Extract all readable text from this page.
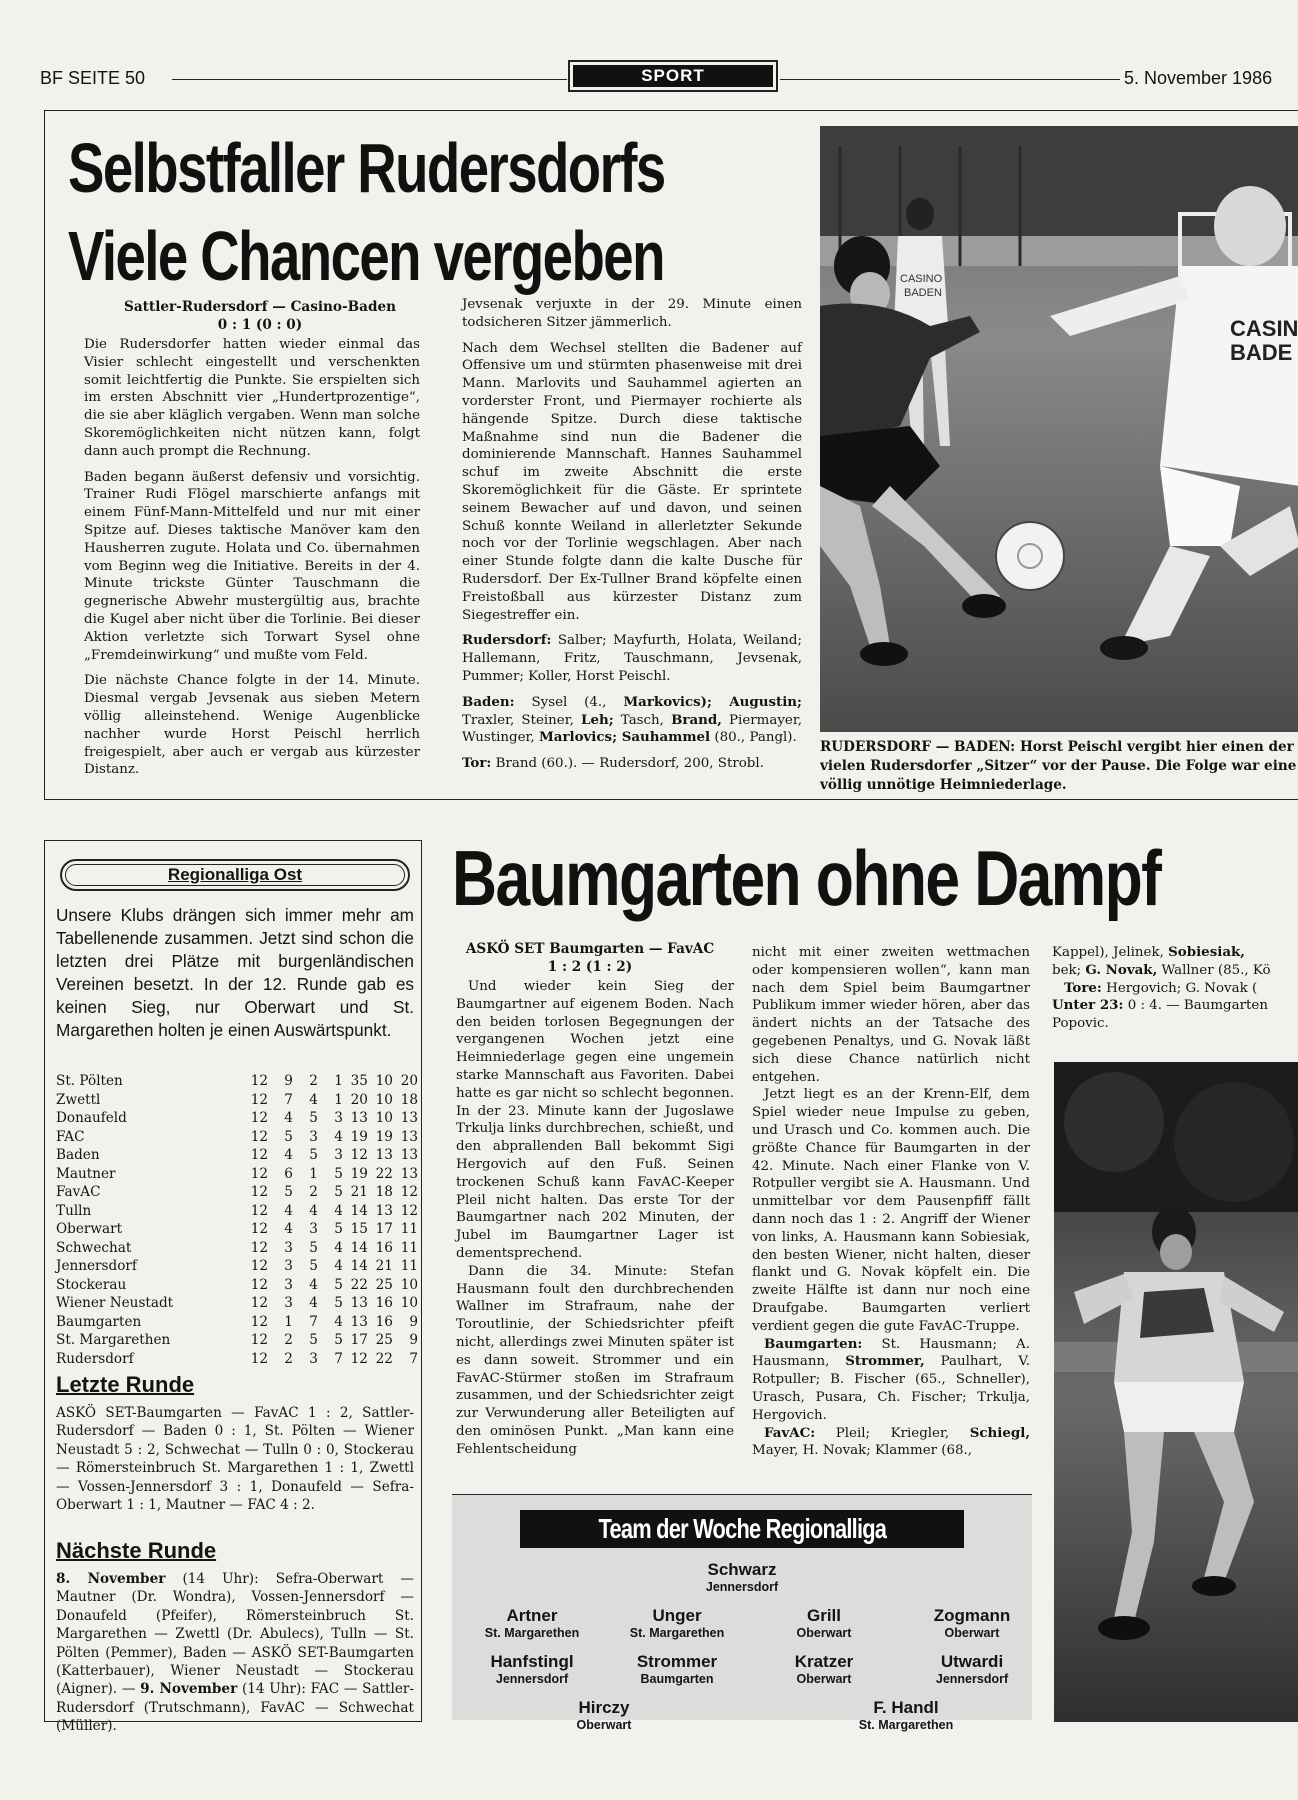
BF SEITE 50	SPORT	5. November 1986
Selbstfaller Rudersdorfs
Viele Chancen vergeben
Sattler-Rudersdorf — Casino-Baden
0 : 1 (0 : 0)

Die Rudersdorfer hatten wieder einmal das Visier schlecht eingestellt und verschenkten somit leichtfertig die Punkte. Sie erspielten sich im ersten Abschnitt vier „Hundertprozentige“, die sie aber kläglich vergaben. Wenn man solche Skoremöglichkeiten nicht nützen kann, folgt dann auch prompt die Rechnung.

Baden begann äußerst defensiv und vorsichtig. Trainer Rudi Flögel marschierte anfangs mit einem Fünf-Mann-Mittelfeld und nur mit einer Spitze auf. Dieses taktische Manöver kam den Hausherren zugute. Holata und Co. übernahmen vom Beginn weg die Initiative. Bereits in der 4. Minute trickste Günter Tauschmann die gegnerische Abwehr mustergültig aus, brachte die Kugel aber nicht über die Torlinie. Bei dieser Aktion verletzte sich Torwart Sysel ohne „Fremdeinwirkung“ und mußte vom Feld.

Die nächste Chance folgte in der 14. Minute. Diesmal vergab Jevsenak aus sieben Metern völlig alleinstehend. Wenige Augenblicke nachher wurde Horst Peischl herrlich freigespielt, aber auch er vergab aus kürzester Distanz.

Jevsenak verjuxte in der 29. Minute einen todsicheren Sitzer jämmerlich.

Nach dem Wechsel stellten die Badener auf Offensive um und stürmten phasenweise mit drei Mann. Marlovits und Sauhammel agierten an vorderster Front, und Piermayer rochierte als hängende Spitze. Durch diese taktische Maßnahme sind nun die Badener die dominierende Mannschaft. Hannes Sauhammel schuf im zweite Abschnitt die erste Skoremöglichkeit für die Gäste. Er sprintete seinem Bewacher auf und davon, und seinen Schuß konnte Weiland in allerletzter Sekunde noch vor der Torlinie wegschlagen. Aber nach einer Stunde folgte dann die kalte Dusche für Rudersdorf. Der Ex-Tullner Brand köpfelte einen Freistoßball aus kürzester Distanz zum Siegestreffer ein.

Rudersdorf: Salber; Mayfurth, Holata, Weiland; Hallemann, Fritz, Tauschmann, Jevsenak, Pummer; Koller, Horst Peischl.

Baden: Sysel (4., Markovics); Augustin; Traxler, Steiner, Leh; Tasch, Brand, Piermayer, Wustinger, Marlovics; Sauhammel (80., Pangl).

Tor: Brand (60.). — Rudersdorf, 200, Strobl.

CASINO
BADEN
CASIN
BADE
RUDERSDORF — BADEN: Horst Peischl vergibt hier einen der
vielen Rudersdorfer „Sitzer“ vor der Pause. Die Folge war eine
völlig unnötige Heimniederlage.
Regionalliga Ost
Unsere Klubs drängen sich immer mehr am Tabellenende zusammen. Jetzt sind schon die letzten drei Plätze mit burgenländischen Vereinen besetzt. In der 12. Runde gab es keinen Sieg, nur Oberwart und St. Margarethen holten je einen Auswärtspunkt.
St. Pölten	12	9	2	1	35	10	20
Zwettl	12	7	4	1	20	10	18
Donaufeld	12	4	5	3	13	10	13
FAC	12	5	3	4	19	19	13
Baden	12	4	5	3	12	13	13
Mautner	12	6	1	5	19	22	13
FavAC	12	5	2	5	21	18	12
Tulln	12	4	4	4	14	13	12
Oberwart	12	4	3	5	15	17	11
Schwechat	12	3	5	4	14	16	11
Jennersdorf	12	3	5	4	14	21	11
Stockerau	12	3	4	5	22	25	10
Wiener Neustadt	12	3	4	5	13	16	10
Baumgarten	12	1	7	4	13	16	9
St. Margarethen	12	2	5	5	17	25	9
Rudersdorf	12	2	3	7	12	22	7
Letzte Runde
ASKÖ SET-Baumgarten — FavAC 1 : 2, Sattler-Rudersdorf — Baden 0 : 1, St. Pölten — Wiener Neustadt 5 : 2, Schwechat — Tulln 0 : 0, Stockerau — Römersteinbruch St. Margarethen 1 : 1, Zwettl — Vossen-Jennersdorf 3 : 1, Donaufeld — Sefra-Oberwart 1 : 1, Mautner — FAC 4 : 2.
Nächste Runde
8. November (14 Uhr): Sefra-Oberwart — Mautner (Dr. Wondra), Vossen-Jennersdorf — Donaufeld (Pfeifer), Römersteinbruch St. Margarethen — Zwettl (Dr. Abulecs), Tulln — St. Pölten (Pemmer), Baden — ASKÖ SET-Baumgarten (Katterbauer), Wiener Neustadt — Stockerau (Aigner). — 9. November (14 Uhr): FAC — Sattler-Rudersdorf (Trutschmann), FavAC — Schwechat (Müller).
Baumgarten ohne Dampf
ASKÖ SET Baumgarten — FavAC
1 : 2 (1 : 2)

Und wieder kein Sieg der Baumgartner auf eigenem Boden. Nach den beiden torlosen Begegnungen der vergangenen Wochen jetzt eine Heimniederlage gegen eine ungemein starke Mannschaft aus Favoriten. Dabei hatte es gar nicht so schlecht begonnen. In der 23. Minute kann der Jugoslawe Trkulja links durchbrechen, schießt, und den abprallenden Ball bekommt Sigi Hergovich auf den Fuß. Seinen trockenen Schuß kann FavAC-Keeper Pleil nicht halten. Das erste Tor der Baumgartner nach 202 Minuten, der Jubel im Baumgartner Lager ist dementsprechend.

Dann die 34. Minute: Stefan Hausmann foult den durchbrechenden Wallner im Strafraum, nahe der Toroutlinie, der Schiedsrichter pfeift nicht, allerdings zwei Minuten später ist es dann soweit. Strommer und ein FavAC-Stürmer stoßen im Strafraum zusammen, und der Schiedsrichter zeigt zur Verwunderung aller Beteiligten auf den ominösen Punkt. „Man kann eine Fehlentscheidung

nicht mit einer zweiten wettmachen oder kompensieren wollen“, kann man nach dem Spiel beim Baumgartner Publikum immer wieder hören, aber das ändert nichts an der Tatsache des gegebenen Penaltys, und G. Novak läßt sich diese Chance natürlich nicht entgehen.

Jetzt liegt es an der Krenn-Elf, dem Spiel wieder neue Impulse zu geben, und Urasch und Co. kommen auch. Die größte Chance für Baumgarten in der 42. Minute. Nach einer Flanke von V. Rotpuller vergibt sie A. Hausmann. Und unmittelbar vor dem Pausenpfiff fällt dann noch das 1 : 2. Angriff der Wiener von links, A. Hausmann kann Sobiesiak, den besten Wiener, nicht halten, dieser flankt und G. Novak köpfelt ein. Die zweite Hälfte ist dann nur noch eine Draufgabe. Baumgarten verliert verdient gegen die gute FavAC-Truppe.

Baumgarten: St. Hausmann; A. Hausmann, Strommer, Paulhart, V. Rotpuller; B. Fischer (65., Schneller), Urasch, Pusara, Ch. Fischer; Trkulja, Hergovich.

FavAC: Pleil; Kriegler, Schiegl, Mayer, H. Novak; Klammer (68.,

Kappel), Jelinek, Sobiesiak,
bek; G. Novak, Wallner (85., Kö
Tore: Hergovich; G. Novak (
Unter 23: 0 : 4. — Baumgarten
Popovic.
Team der Woche Regionalliga
Schwarz
Jennersdorf
Artner
St. Margarethen
Unger
St. Margarethen
Grill
Oberwart
Zogmann
Oberwart
Hanfstingl
Jennersdorf
Strommer
Baumgarten
Kratzer
Oberwart
Utwardi
Jennersdorf
Hirczy
Oberwart
F. Handl
St. Margarethen
